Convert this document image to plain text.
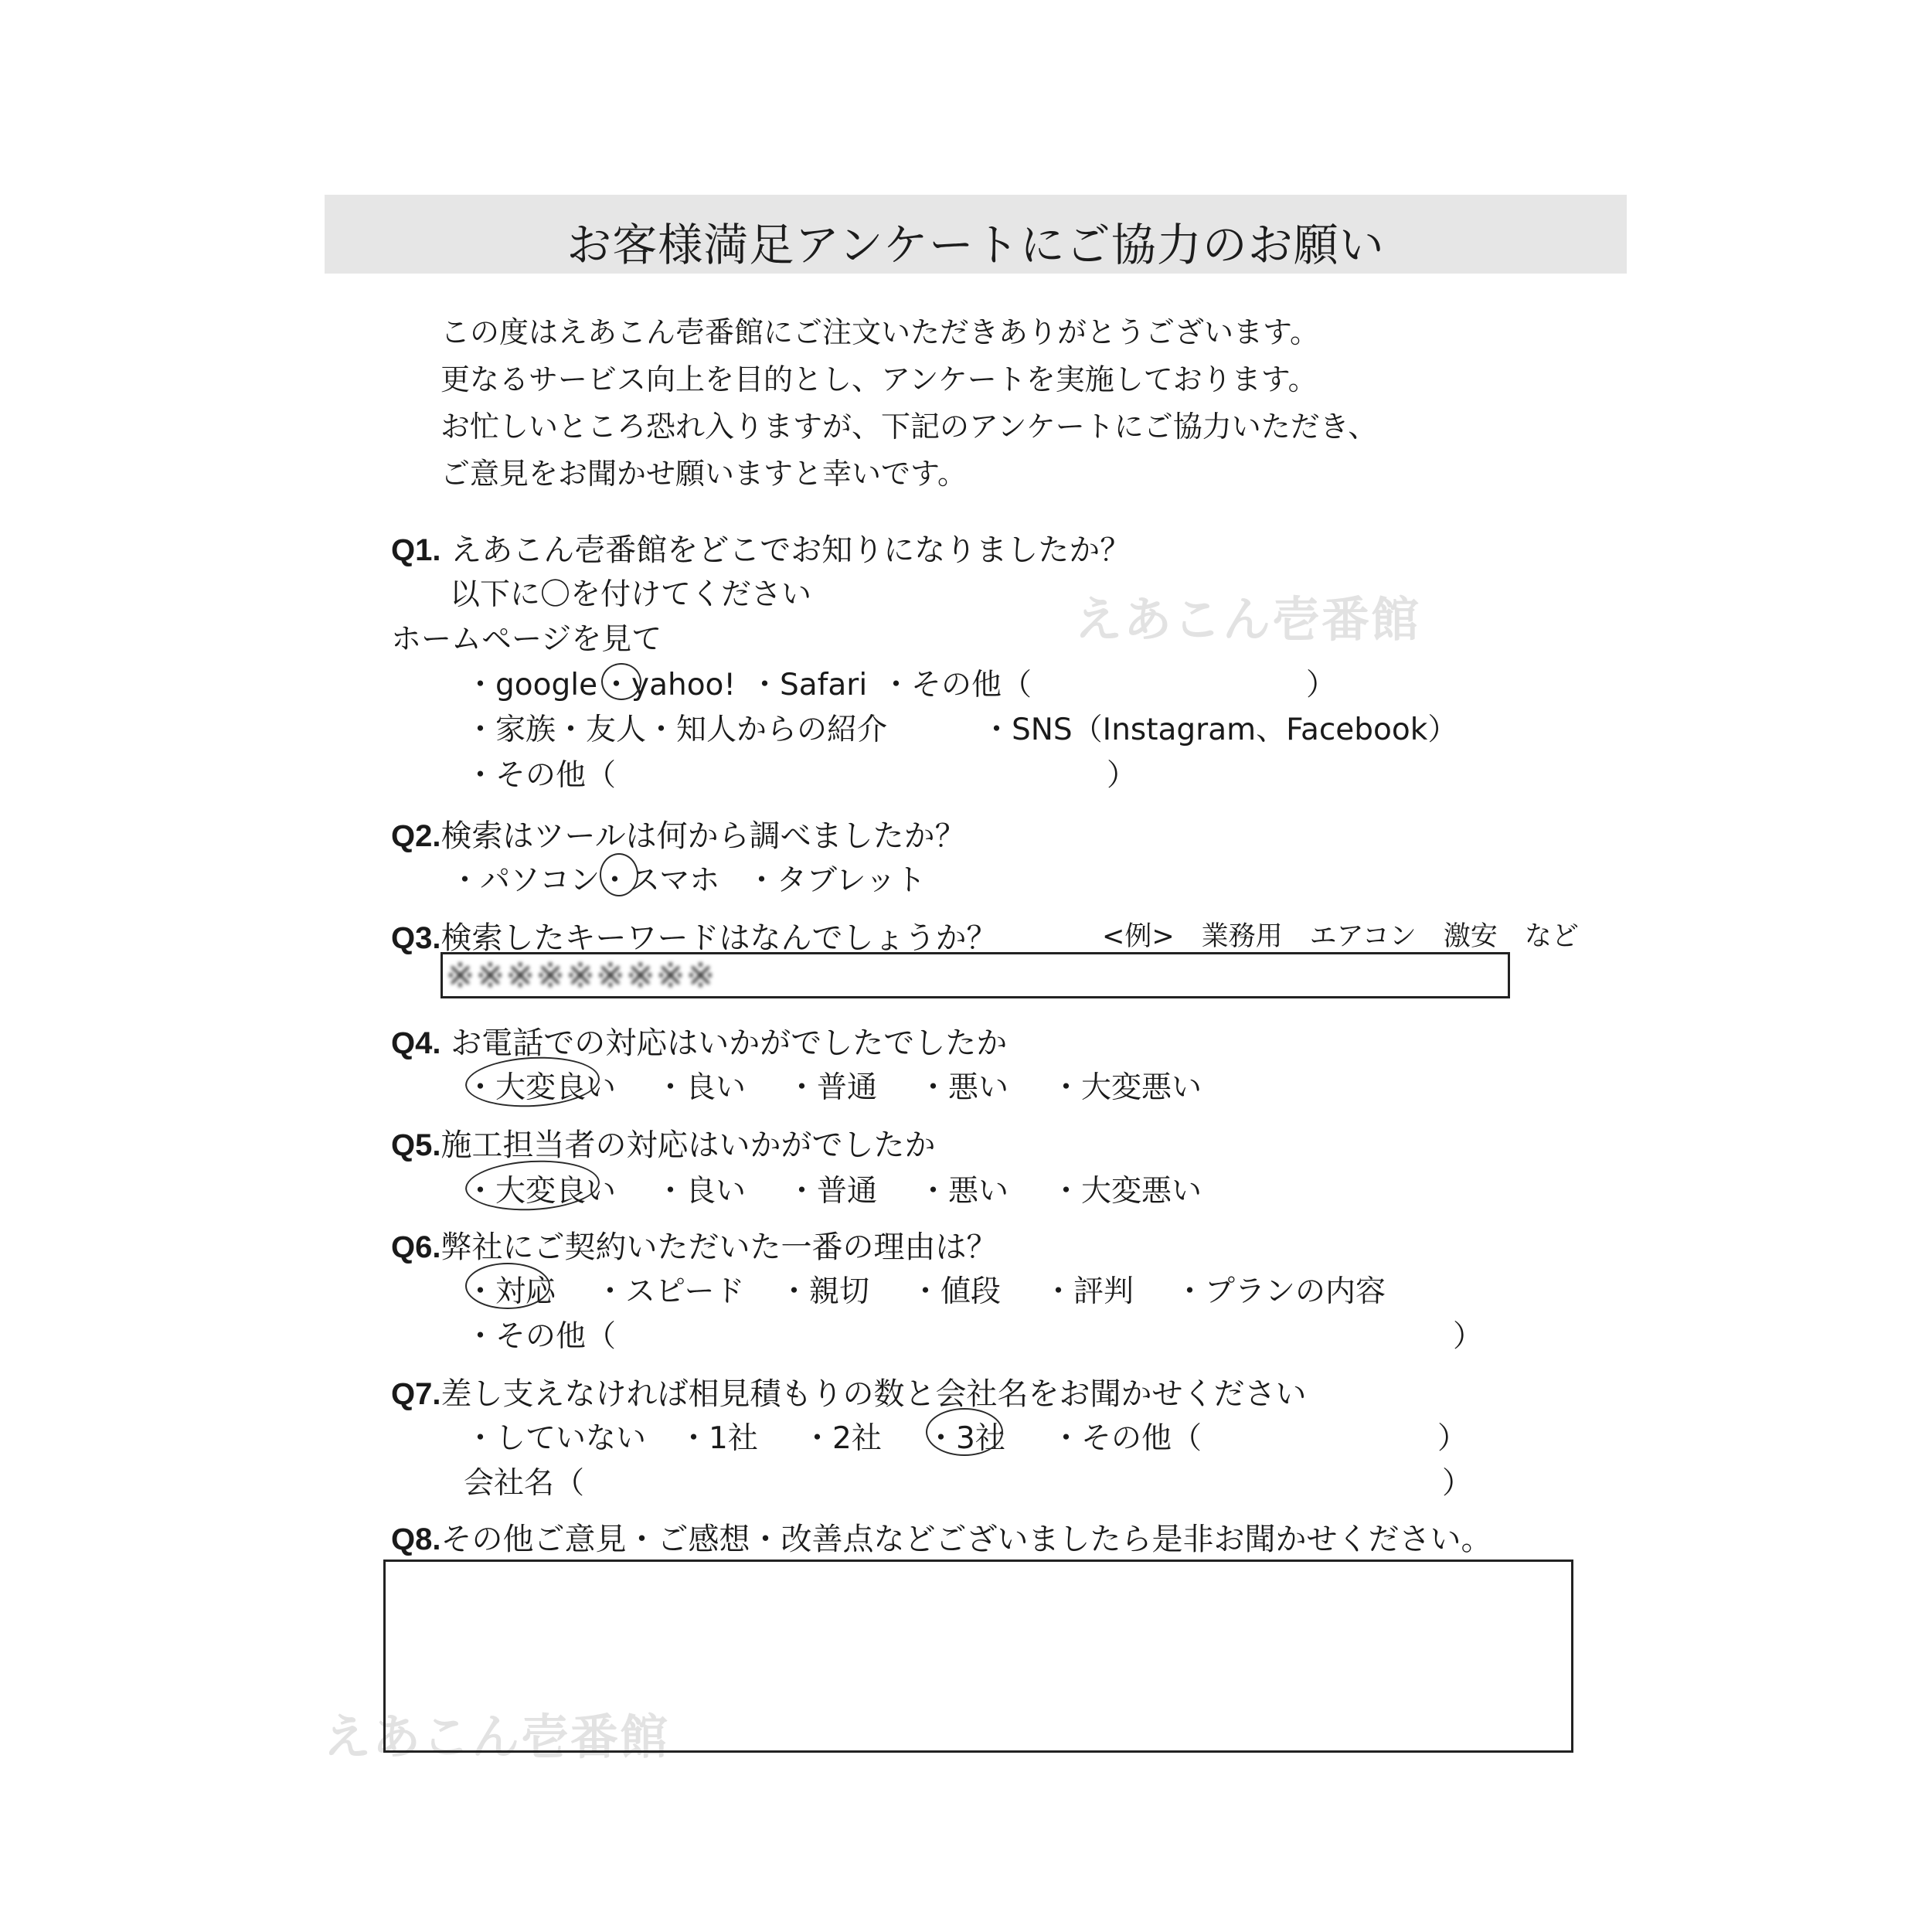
お客様満足アンケートにご協力のお願い
この度はえあこん壱番館にご注文いただきありがとうございます。
更なるサービス向上を目的とし、アンケートを実施しております。
お忙しいところ恐れ入りますが、下記のアンケートにご協力いただき、
ご意見をお聞かせ願いますと幸いです。
えあこん壱番館
えあこん壱番館
Q1. えあこん壱番館をどこでお知りになりましたか？
以下に〇を付けてください
ホームページを見て
・google ・yahoo! ・Safari ・その他（	）
・家族・友人・知人からの紹介	・SNS（Instagram、Facebook）
・その他（	）
Q2.検索はツールは何から調べましたか？
・パソコン ・スマホ ・タブレット
Q3.検索したキーワードはなんでしょうか？	<例>　業務用　エアコン　激安　など
※※※※※※※※※
Q4. お電話での対応はいかがでしたでしたか
・大変良い ・良い ・普通 ・悪い ・大変悪い
Q5.施工担当者の対応はいかがでしたか
・大変良い ・良い ・普通 ・悪い ・大変悪い
Q6.弊社にご契約いただいた一番の理由は？
・対応 ・スピード ・親切 ・値段 ・評判 ・プランの内容
・その他（	）
Q7.差し支えなければ相見積もりの数と会社名をお聞かせください
・していない ・1社 ・2社 ・3社 ・その他（	）
会社名（	）
Q8.その他ご意見・ご感想・改善点などございましたら是非お聞かせください。
